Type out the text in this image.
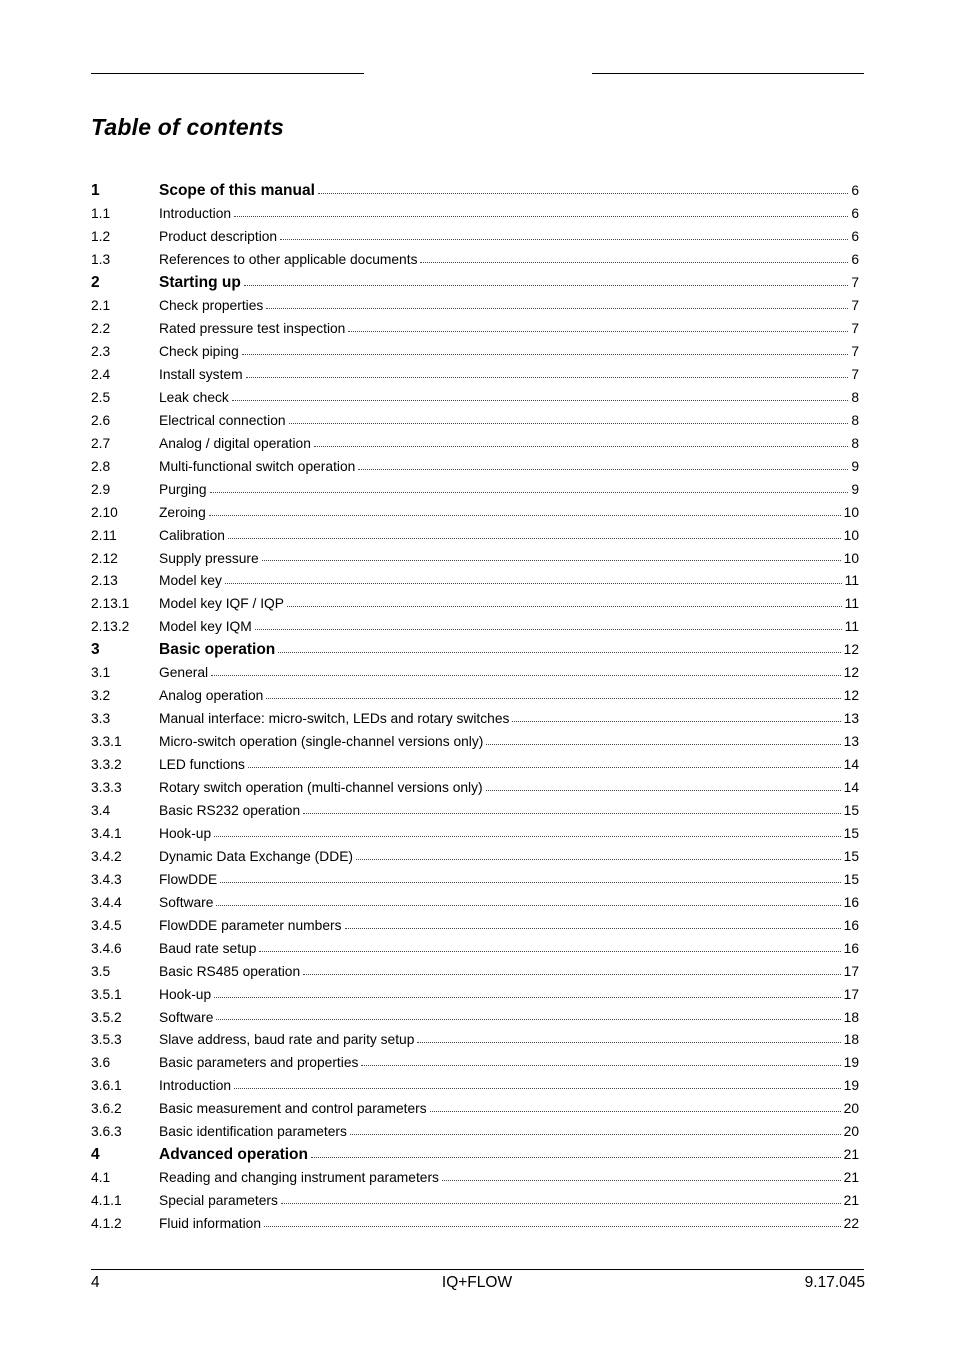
Table of contents
1	Scope of this manual	6
1.1	Introduction	6
1.2	Product description	6
1.3	References to other applicable documents	6
2	Starting up	7
2.1	Check properties	7
2.2	Rated pressure test inspection	7
2.3	Check piping	7
2.4	Install system	7
2.5	Leak check	8
2.6	Electrical connection	8
2.7	Analog / digital operation	8
2.8	Multi-functional switch operation	9
2.9	Purging	9
2.10	Zeroing	10
2.11	Calibration	10
2.12	Supply pressure	10
2.13	Model key	11
2.13.1	Model key IQF / IQP	11
2.13.2	Model key IQM	11
3	Basic operation	12
3.1	General	12
3.2	Analog operation	12
3.3	Manual interface: micro-switch, LEDs and rotary switches	13
3.3.1	Micro-switch operation (single-channel versions only)	13
3.3.2	LED functions	14
3.3.3	Rotary switch operation (multi-channel versions only)	14
3.4	Basic RS232 operation	15
3.4.1	Hook-up	15
3.4.2	Dynamic Data Exchange (DDE)	15
3.4.3	FlowDDE	15
3.4.4	Software	16
3.4.5	FlowDDE parameter numbers	16
3.4.6	Baud rate setup	16
3.5	Basic RS485 operation	17
3.5.1	Hook-up	17
3.5.2	Software	18
3.5.3	Slave address, baud rate and parity setup	18
3.6	Basic parameters and properties	19
3.6.1	Introduction	19
3.6.2	Basic measurement and control parameters	20
3.6.3	Basic identification parameters	20
4	Advanced operation	21
4.1	Reading and changing instrument parameters	21
4.1.1	Special parameters	21
4.1.2	Fluid information	22
4	IQ+FLOW	9.17.045
